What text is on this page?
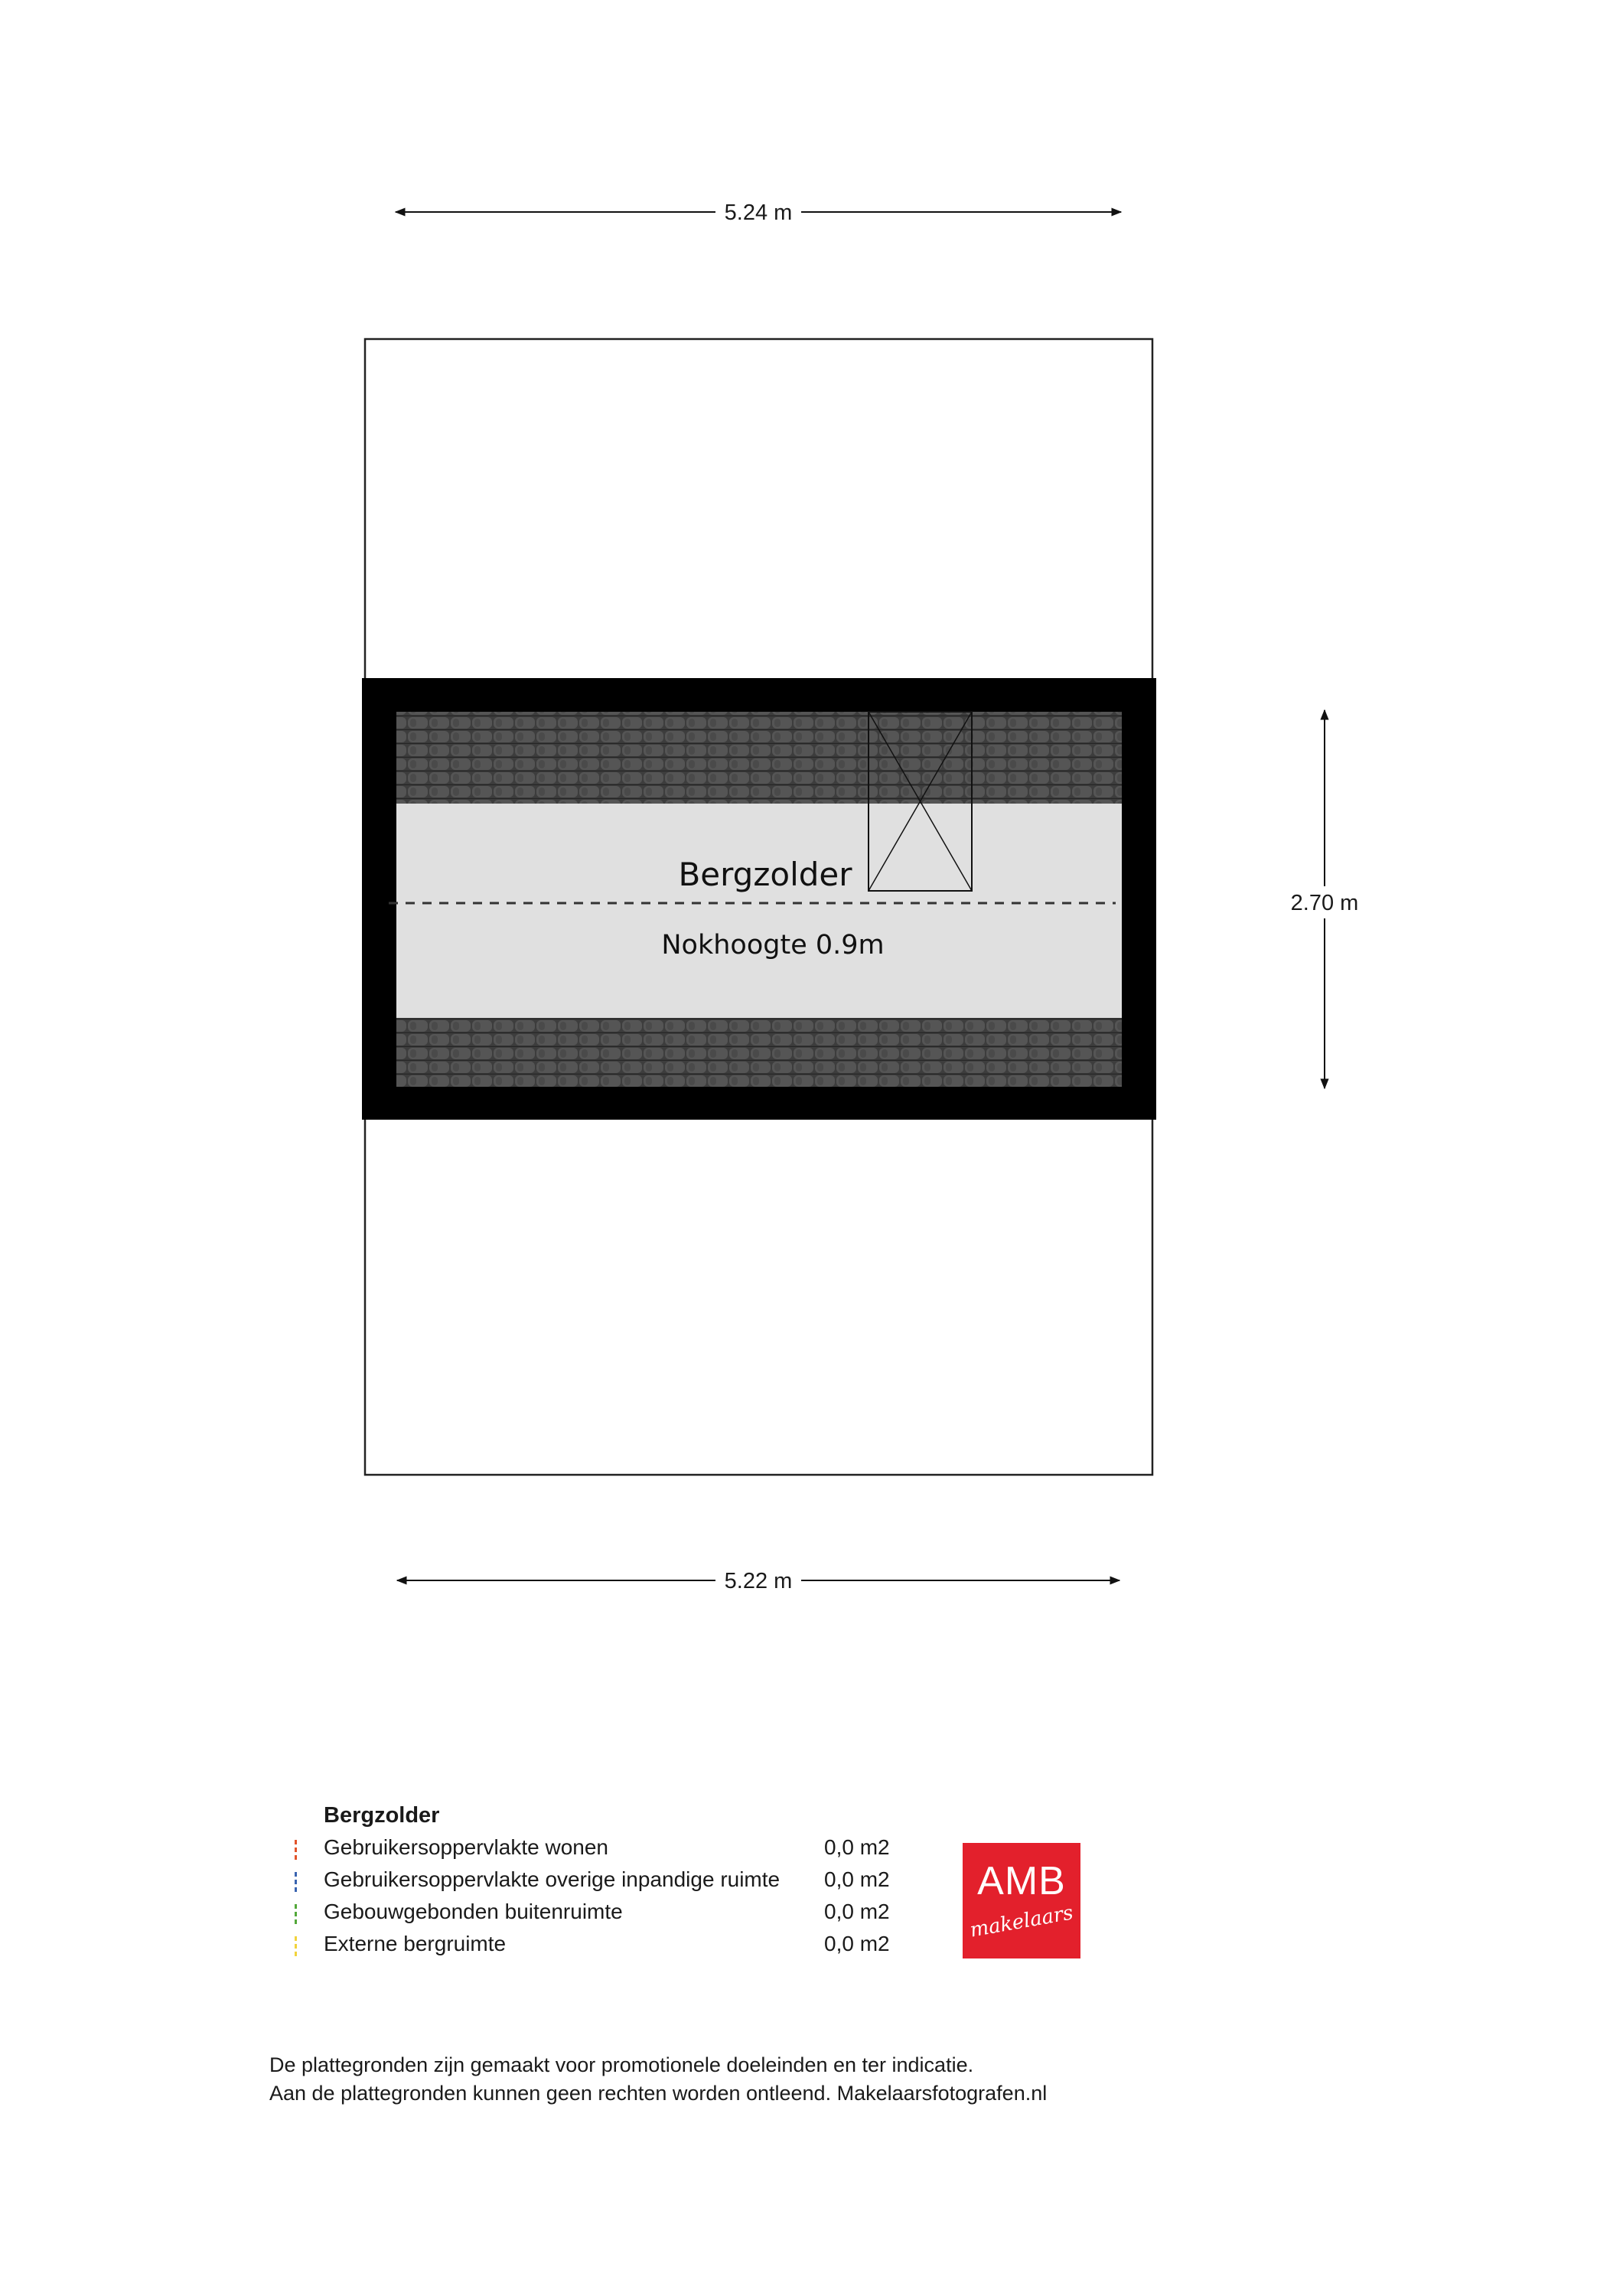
5.24 m
Bergzolder
Nokhoogte 0.9m
2.70 m
5.22 m
Bergzolder
Gebruikersoppervlakte wonen	0,0 m2
Gebruikersoppervlakte overige inpandige ruimte 0,0 m2
Gebouwgebonden buitenruimte	0,0 m2
Externe bergruimte	0,0 m2
AMB
makelaars
De plattegronden zijn gemaakt voor promotionele doeleinden en ter indicatie.
Aan de plattegronden kunnen geen rechten worden ontleend. Makelaarsfotografen.nl
